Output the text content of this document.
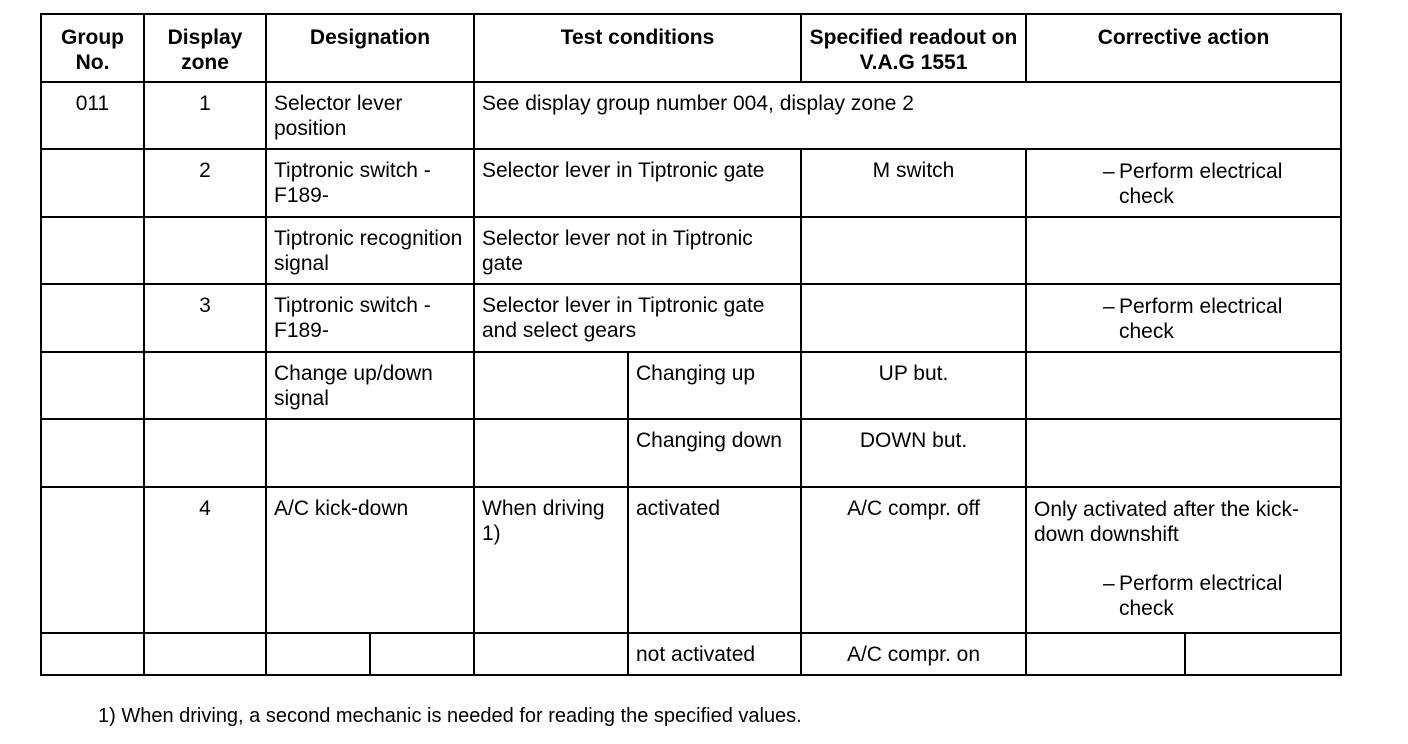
Group No.	Display zone	Designation		Test conditions		Specified readout on V.A.G 1551	Corrective action	
011	1	Selector lever position		See display group number 004, display zone 2				
	2	Tiptronic switch - F189-		Selector lever in Tiptronic gate		M switch	– Perform electrical check	

		Tiptronic recognition signal		Selector lever not in Tiptronic gate				
	3	Tiptronic switch - F189-		Selector lever in Tiptronic gate and select gears			– Perform electrical check	

		Change up/down signal			Changing up	UP but.		
					Changing down	DOWN but.		
	4	A/C kick-down		When driving 1)	activated	A/C compr. off	Only activated after the kick-down downshift
– Perform electrical check	

					not activated	A/C compr. on		
1) When driving, a second mechanic is needed for reading the specified values.
